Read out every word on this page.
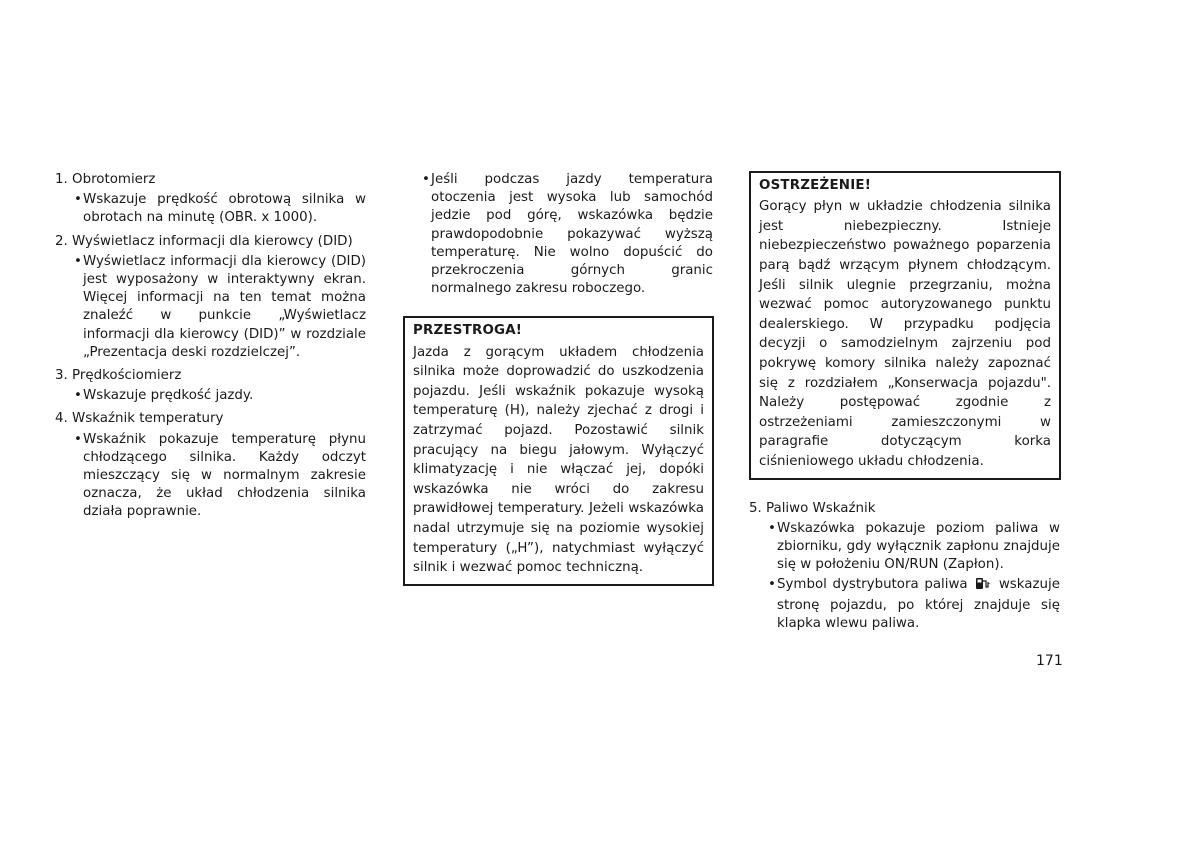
1. Obrotomierz
• Wskazuje prędkość obrotową silnika w obrotach na minutę (OBR. x 1000).
2. Wyświetlacz informacji dla kierowcy (DID)
• Wyświetlacz informacji dla kierowcy (DID) jest wyposażony w interaktywny ekran. Więcej informacji na ten temat można znaleźć w punkcie „Wyświetlacz informacji dla kierowcy (DID)” w rozdziale „Prezentacja deski rozdzielczej”.
3. Prędkościomierz
• Wskazuje prędkość jazdy.
4. Wskaźnik temperatury
• Wskaźnik pokazuje temperaturę płynu chłodzącego silnika. Każdy odczyt mieszczący się w normalnym zakresie oznacza, że układ chłodzenia silnika działa poprawnie.
• Jeśli podczas jazdy temperatura otoczenia jest wysoka lub samochód jedzie pod górę, wskazówka będzie prawdopodobnie pokazywać wyższą temperaturę. Nie wolno dopuścić do przekroczenia górnych granic normalnego zakresu roboczego.
PRZESTROGA!
Jazda z gorącym układem chłodzenia silnika może doprowadzić do uszkodzenia pojazdu. Jeśli wskaźnik pokazuje wysoką temperaturę (H), należy zjechać z drogi i zatrzymać pojazd. Pozostawić silnik pracujący na biegu jałowym. Wyłączyć klimatyzację i nie włączać jej, dopóki wskazówka nie wróci do zakresu prawidłowej temperatury. Jeżeli wskazówka nadal utrzymuje się na poziomie wysokiej temperatury („H”), natychmiast wyłączyć silnik i wezwać pomoc techniczną.
OSTRZEŻENIE!
Gorący płyn w układzie chłodzenia silnika jest niebezpieczny. Istnieje niebezpieczeństwo poważnego poparzenia parą bądź wrzącym płynem chłodzącym. Jeśli silnik ulegnie przegrzaniu, można wezwać pomoc autoryzowanego punktu dealerskiego. W przypadku podjęcia decyzji o samodzielnym zajrzeniu pod pokrywę komory silnika należy zapoznać się z rozdziałem „Konserwacja pojazdu". Należy postępować zgodnie z ostrzeżeniami zamieszczonymi w paragrafie dotyczącym korka ciśnieniowego układu chłodzenia.
5. Paliwo Wskaźnik
• Wskazówka pokazuje poziom paliwa w zbiorniku, gdy wyłącznik zapłonu znajduje się w położeniu ON/RUN (Zapłon).
• Symbol dystrybutora paliwa wskazuje stronę pojazdu, po której znajduje się klapka wlewu paliwa.
171
